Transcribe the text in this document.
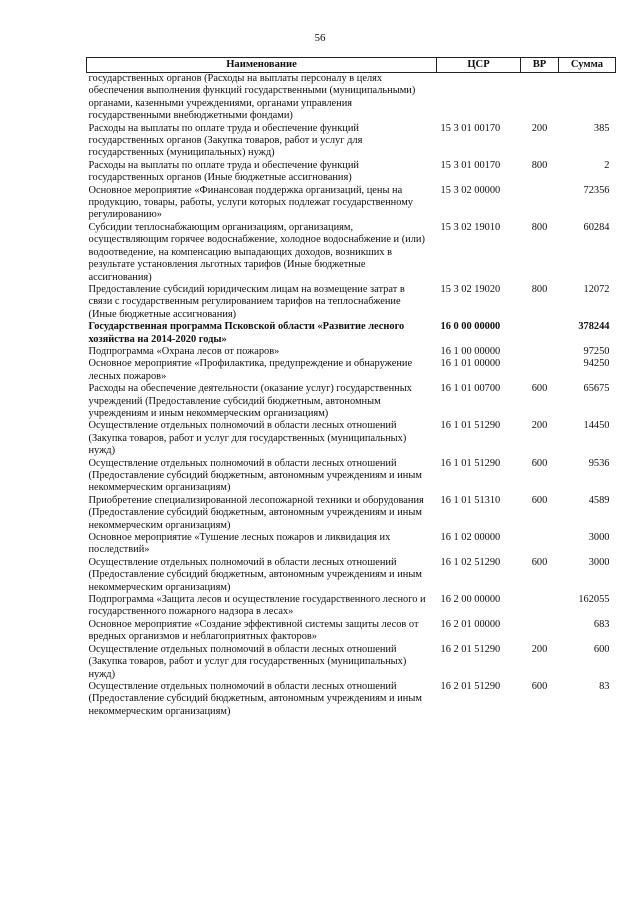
56
Наименование	ЦСР	ВР	Сумма
государственных органов (Расходы на выплаты персоналу в целях обеспечения выполнения функций государственными (муниципальными) органами, казенными учреждениями, органами управления государственными внебюджетными фондами)			
Расходы на выплаты по оплате труда и обеспечение функций государственных органов (Закупка товаров, работ и услуг для государственных (муниципальных) нужд)	15 3 01 00170	200	385
Расходы на выплаты по оплате труда и обеспечение функций государственных органов (Иные бюджетные ассигнования)	15 3 01 00170	800	2
Основное мероприятие «Финансовая поддержка организаций, цены на продукцию, товары, работы, услуги которых подлежат государственному регулированию»	15 3 02 00000		72356
Субсидии теплоснабжающим организациям, организациям, осуществляющим горячее водоснабжение, холодное водоснабжение и (или) водоотведение, на компенсацию выпадающих доходов, возникших в результате установления льготных тарифов (Иные бюджетные ассигнования)	15 3 02 19010	800	60284
Предоставление субсидий юридическим лицам на возмещение затрат в связи с государственным регулированием тарифов на теплоснабжение (Иные бюджетные ассигнования)	15 3 02 19020	800	12072
Государственная программа Псковской области «Развитие лесного хозяйства на 2014-2020 годы»	16 0 00 00000		378244
Подпрограмма «Охрана лесов от пожаров»	16 1 00 00000		97250
Основное мероприятие «Профилактика, предупреждение и обнаружение лесных пожаров»	16 1 01 00000		94250
Расходы на обеспечение деятельности (оказание услуг) государственных учреждений (Предоставление субсидий бюджетным, автономным учреждениям и иным некоммерческим организациям)	16 1 01 00700	600	65675
Осуществление отдельных полномочий в области лесных отношений (Закупка товаров, работ и услуг для государственных (муниципальных) нужд)	16 1 01 51290	200	14450
Осуществление отдельных полномочий в области лесных отношений (Предоставление субсидий бюджетным, автономным учреждениям и иным некоммерческим организациям)	16 1 01 51290	600	9536
Приобретение специализированной лесопожарной техники и оборудования (Предоставление субсидий бюджетным, автономным учреждениям и иным некоммерческим организациям)	16 1 01 51310	600	4589
Основное мероприятие «Тушение лесных пожаров и ликвидация их последствий»	16 1 02 00000		3000
Осуществление отдельных полномочий в области лесных отношений (Предоставление субсидий бюджетным, автономным учреждениям и иным некоммерческим организациям)	16 1 02 51290	600	3000
Подпрограмма «Защита лесов и осуществление государственного лесного и государственного пожарного надзора в лесах»	16 2 00 00000		162055
Основное мероприятие «Создание эффективной системы защиты лесов от вредных организмов и неблагоприятных факторов»	16 2 01 00000		683
Осуществление отдельных полномочий в области лесных отношений (Закупка товаров, работ и услуг для государственных (муниципальных) нужд)	16 2 01 51290	200	600
Осуществление отдельных полномочий в области лесных отношений (Предоставление субсидий бюджетным, автономным учреждениям и иным некоммерческим организациям)	16 2 01 51290	600	83
